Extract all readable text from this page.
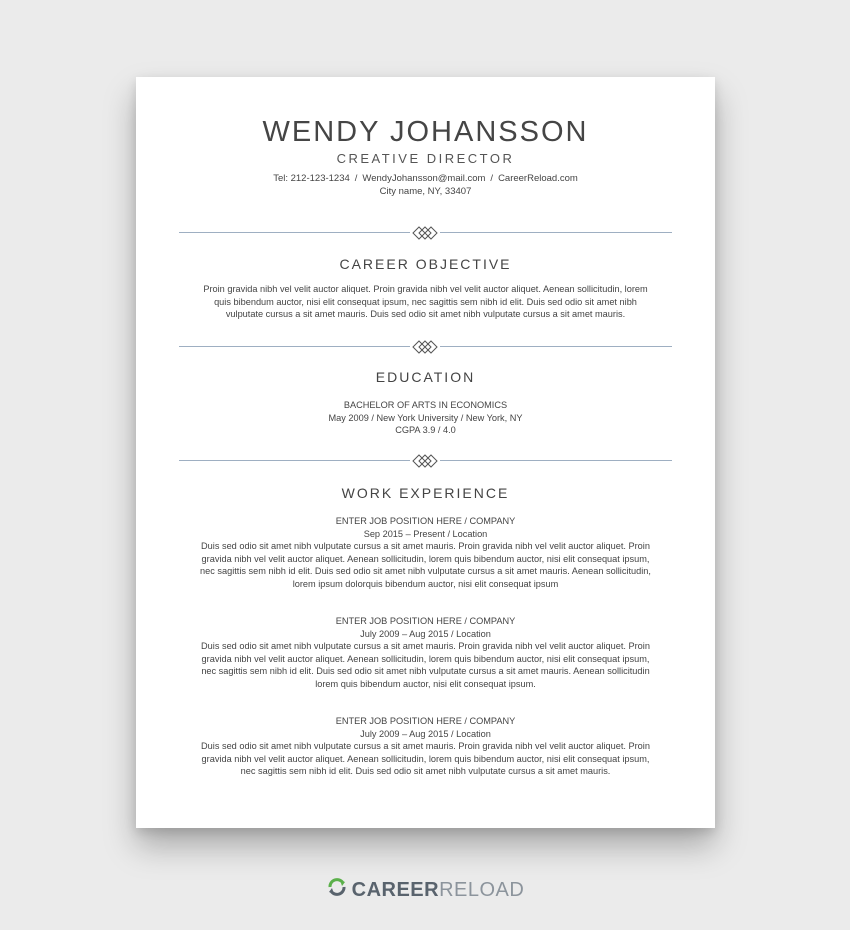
WENDY JOHANSSON
CREATIVE DIRECTOR
Tel: 212-123-1234 / WendyJohansson@mail.com / CareerReload.com
City name, NY, 33407
CAREER OBJECTIVE
Proin gravida nibh vel velit auctor aliquet. Proin gravida nibh vel velit auctor aliquet. Aenean sollicitudin, lorem
quis bibendum auctor, nisi elit consequat ipsum, nec sagittis sem nibh id elit. Duis sed odio sit amet nibh
vulputate cursus a sit amet mauris. Duis sed odio sit amet nibh vulputate cursus a sit amet mauris.
EDUCATION
BACHELOR OF ARTS IN ECONOMICS
May 2009 / New York University / New York, NY
CGPA 3.9 / 4.0
WORK EXPERIENCE
ENTER JOB POSITION HERE / COMPANY
Sep 2015 – Present / Location
Duis sed odio sit amet nibh vulputate cursus a sit amet mauris. Proin gravida nibh vel velit auctor aliquet. Proin
gravida nibh vel velit auctor aliquet. Aenean sollicitudin, lorem quis bibendum auctor, nisi elit consequat ipsum,
nec sagittis sem nibh id elit. Duis sed odio sit amet nibh vulputate cursus a sit amet mauris. Aenean sollicitudin,
lorem ipsum dolorquis bibendum auctor, nisi elit consequat ipsum
ENTER JOB POSITION HERE / COMPANY
July 2009 – Aug 2015 / Location
Duis sed odio sit amet nibh vulputate cursus a sit amet mauris. Proin gravida nibh vel velit auctor aliquet. Proin
gravida nibh vel velit auctor aliquet. Aenean sollicitudin, lorem quis bibendum auctor, nisi elit consequat ipsum,
nec sagittis sem nibh id elit. Duis sed odio sit amet nibh vulputate cursus a sit amet mauris. Aenean sollicitudin
lorem quis bibendum auctor, nisi elit consequat ipsum.
ENTER JOB POSITION HERE / COMPANY
July 2009 – Aug 2015 / Location
Duis sed odio sit amet nibh vulputate cursus a sit amet mauris. Proin gravida nibh vel velit auctor aliquet. Proin
gravida nibh vel velit auctor aliquet. Aenean sollicitudin, lorem quis bibendum auctor, nisi elit consequat ipsum,
nec sagittis sem nibh id elit. Duis sed odio sit amet nibh vulputate cursus a sit amet mauris.
CAREERRELOAD
